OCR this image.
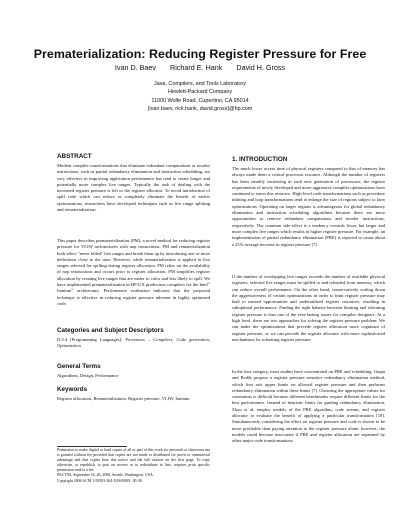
Prematerialization: Reducing Register Pressure for Free
Ivan D. Baev Richard E. Hank David H. Gross
Java, Compilers, and Tools Laboratory
Hewlett-Packard Company
11000 Wolfe Road, Cupertino, CA 95014
{ivan.baev, rick.hank, david.gross}@hp.com
ABSTRACT

Modern compiler transformations that eliminate redundant computations or reorder instructions, such as partial redundancy elimination and instruction scheduling, are very effective in improving application performance but tend to create longer and potentially more complex live ranges. Typically the task of dealing with the increased register pressure is left to the register allocator. To avoid introduction of spill code which can reduce or completely eliminate the benefit of earlier optimizations, researchers have developed techniques such as live range splitting and rematerialization.

This paper describes prematerialization (PM), a novel method for reducing register pressure for VLIW architectures with nop instructions. PM and rematerialization both select "never killed" live ranges and break them up by introducing one or more definitions close to the uses. However, while rematerialization is applied to live ranges selected for spilling during register allocation, PM relies on the availability of nop instructions and occurs prior to register allocation. PM simplifies register allocation by creating live ranges that are easier to color and less likely to spill. We have implemented prematerialization in HP-UX production compilers for the Intel® Itanium® architecture. Performance evaluation indicates that the proposed technique is effective in reducing register pressure inherent in highly optimized code.

Categories and Subject Descriptors

D.3.4 [Programming Languages]: Processors – Compilers, Code generation, Optimization

General Terms
Algorithms, Design, Performance
Keywords
Register allocation, Rematerialization, Register pressure, VLIW, Itanium
Permission to make digital or hard copies of all or part of this work for personal or classroom use is granted without fee provided that copies are not made or distributed for profit or commercial advantage and that copies bear this notice and the full citation on the first page. To copy otherwise, or republish, to post on servers or to redistribute to lists, requires prior specific permission and/or a fee.
PACT'06, September 16–20, 2006, Seattle, Washington, USA.
Copyright 2006 ACM 1-59593-264-X/06/0009...$5.00.
1. INTRODUCTION
The much lower access time of physical registers compared to that of memory has always made them a critical processor resource. Although the number of registers has been steadily increasing in each new generation of processors, the register requirements of newly developed and more aggressive compiler optimizations have continued to stress this resource. High-level code transformations such as procedure inlining and loop transformations tend to enlarge the size of regions subject to later optimizations. Operating on larger regions is advantageous for global redundancy elimination and instruction scheduling algorithms because there are more opportunities to remove redundant computations and reorder instructions, respectively. The common side-effect is a tendency towards fewer but larger and more complex live ranges which results in higher register pressure. For example, an implementation of partial redundancy elimination (PRE) is reported to cause about a 25% average increase in register pressure [7].
If the number of overlapping live ranges exceeds the number of available physical registers, selected live ranges must be spilled to and reloaded from memory, which can reduce overall performance. On the other hand, conservatively scaling down the aggressiveness of certain optimizations in order to limit register pressure may lead to missed opportunities and underutilized register resources, resulting in suboptimal performance. Finding the right balance between limiting and tolerating register pressure is thus one of the ever-lasting issues for compiler designers. At a high level, there are two approaches for solving the register pressure problem: We can make the optimizations that precede register allocation more cognizant of register pressure, or we can provide the register allocator with more sophisticated mechanisms for tolerating register pressure.
In the first category, most studies have concentrated on PRE and scheduling. Gupta and Bodík propose a register pressure sensitive redundancy elimination method, which first sets upper limits on allowed register pressure and then performs redundancy elimination within these limits [7]. Choosing the appropriate values for constraints is difficult because different benchmarks require different limits for the best performance. Instead of heuristic limits for guiding redundancy elimination, Zhou et al. employ models of the PRE algorithm, code stream, and register allocator to evaluate the benefit of applying a particular transformation [18]. Simultaneously considering the effect on register pressure and code is shown to be more profitable than paying attention to the register pressure alone; however, the models could become inaccurate if PRE and register allocation are separated by other major code transformations.
